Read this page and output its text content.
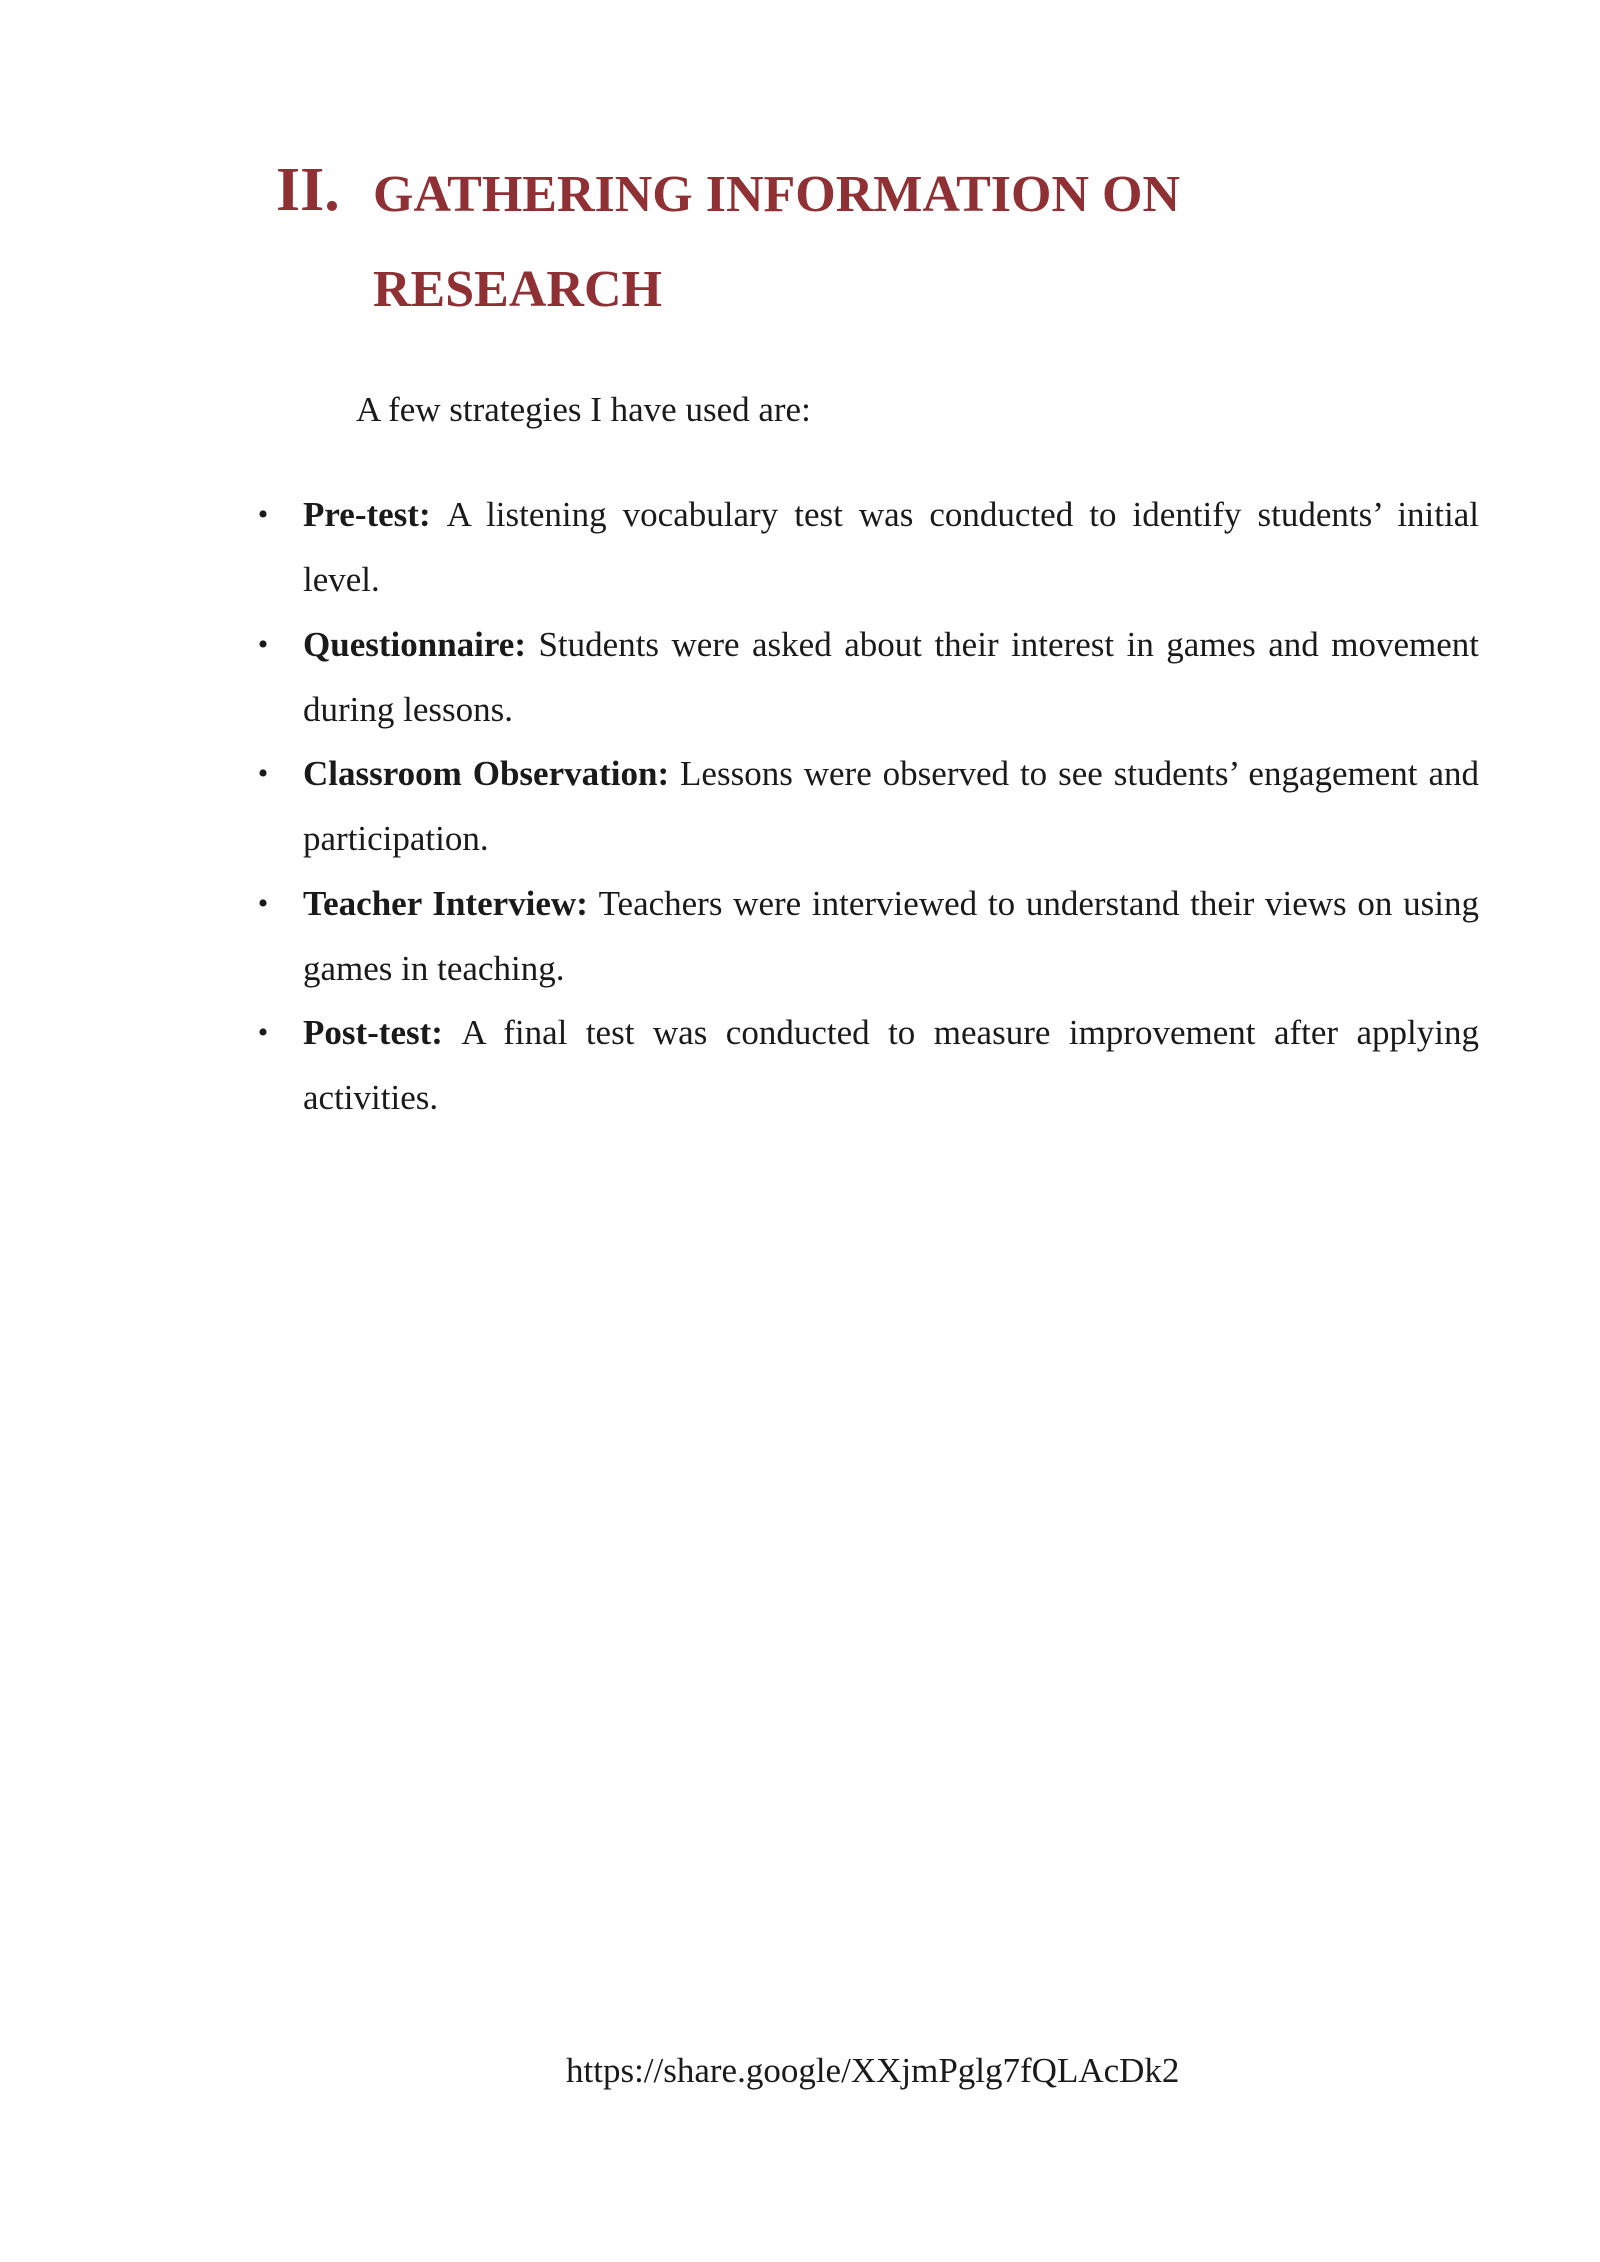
II. GATHERING INFORMATION ON
RESEARCH

A few strategies I have used are:

• Pre-test: A listening vocabulary test was conducted to identify students’ initial level.
• Questionnaire: Students were asked about their interest in games and movement during lessons.
• Classroom Observation: Lessons were observed to see students’ engagement and participation.
• Teacher Interview: Teachers were interviewed to understand their views on using games in teaching.
• Post-test: A final test was conducted to measure improvement after applying activities.
https://share.google/XXjmPglg7fQLAcDk2
